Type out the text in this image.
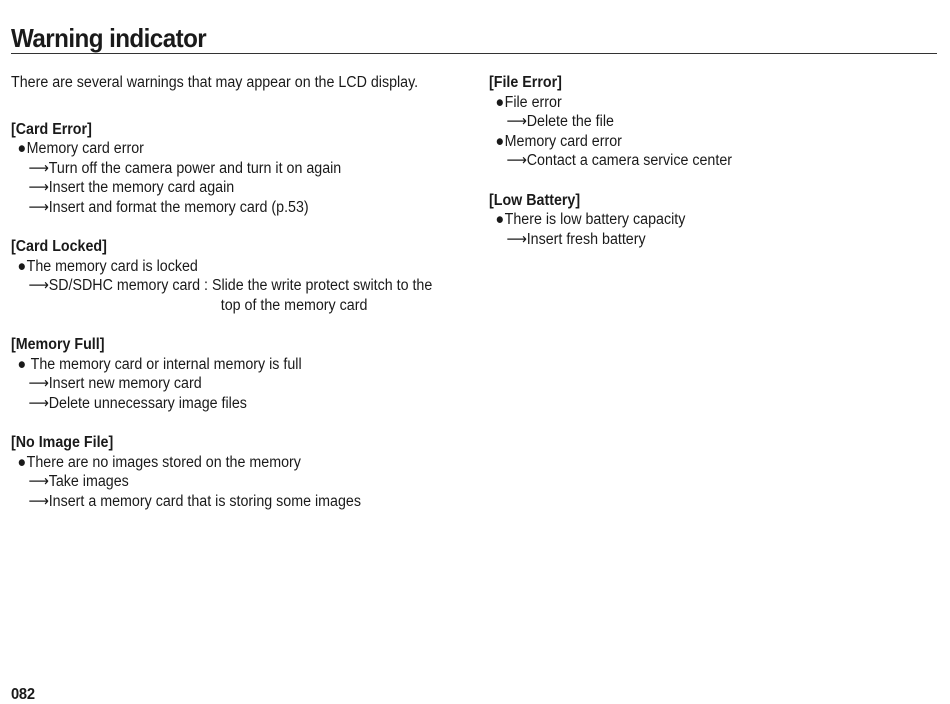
Warning indicator

There are several warnings that may appear on the LCD display.

[Card Error]
●Memory card error
⟶Turn off the camera power and turn it on again
⟶Insert the memory card again
⟶Insert and format the memory card (p.53)
[Card Locked]
●The memory card is locked
⟶SD/SDHC memory card : Slide the write protect switch to the
top of the memory card
[Memory Full]
● The memory card or internal memory is full
⟶Insert new memory card
⟶Delete unnecessary image files
[No Image File]
●There are no images stored on the memory
⟶Take images
⟶Insert a memory card that is storing some images
[File Error]
●File error
⟶Delete the file
●Memory card error
⟶Contact a camera service center
[Low Battery]
●There is low battery capacity
⟶Insert fresh battery
082
